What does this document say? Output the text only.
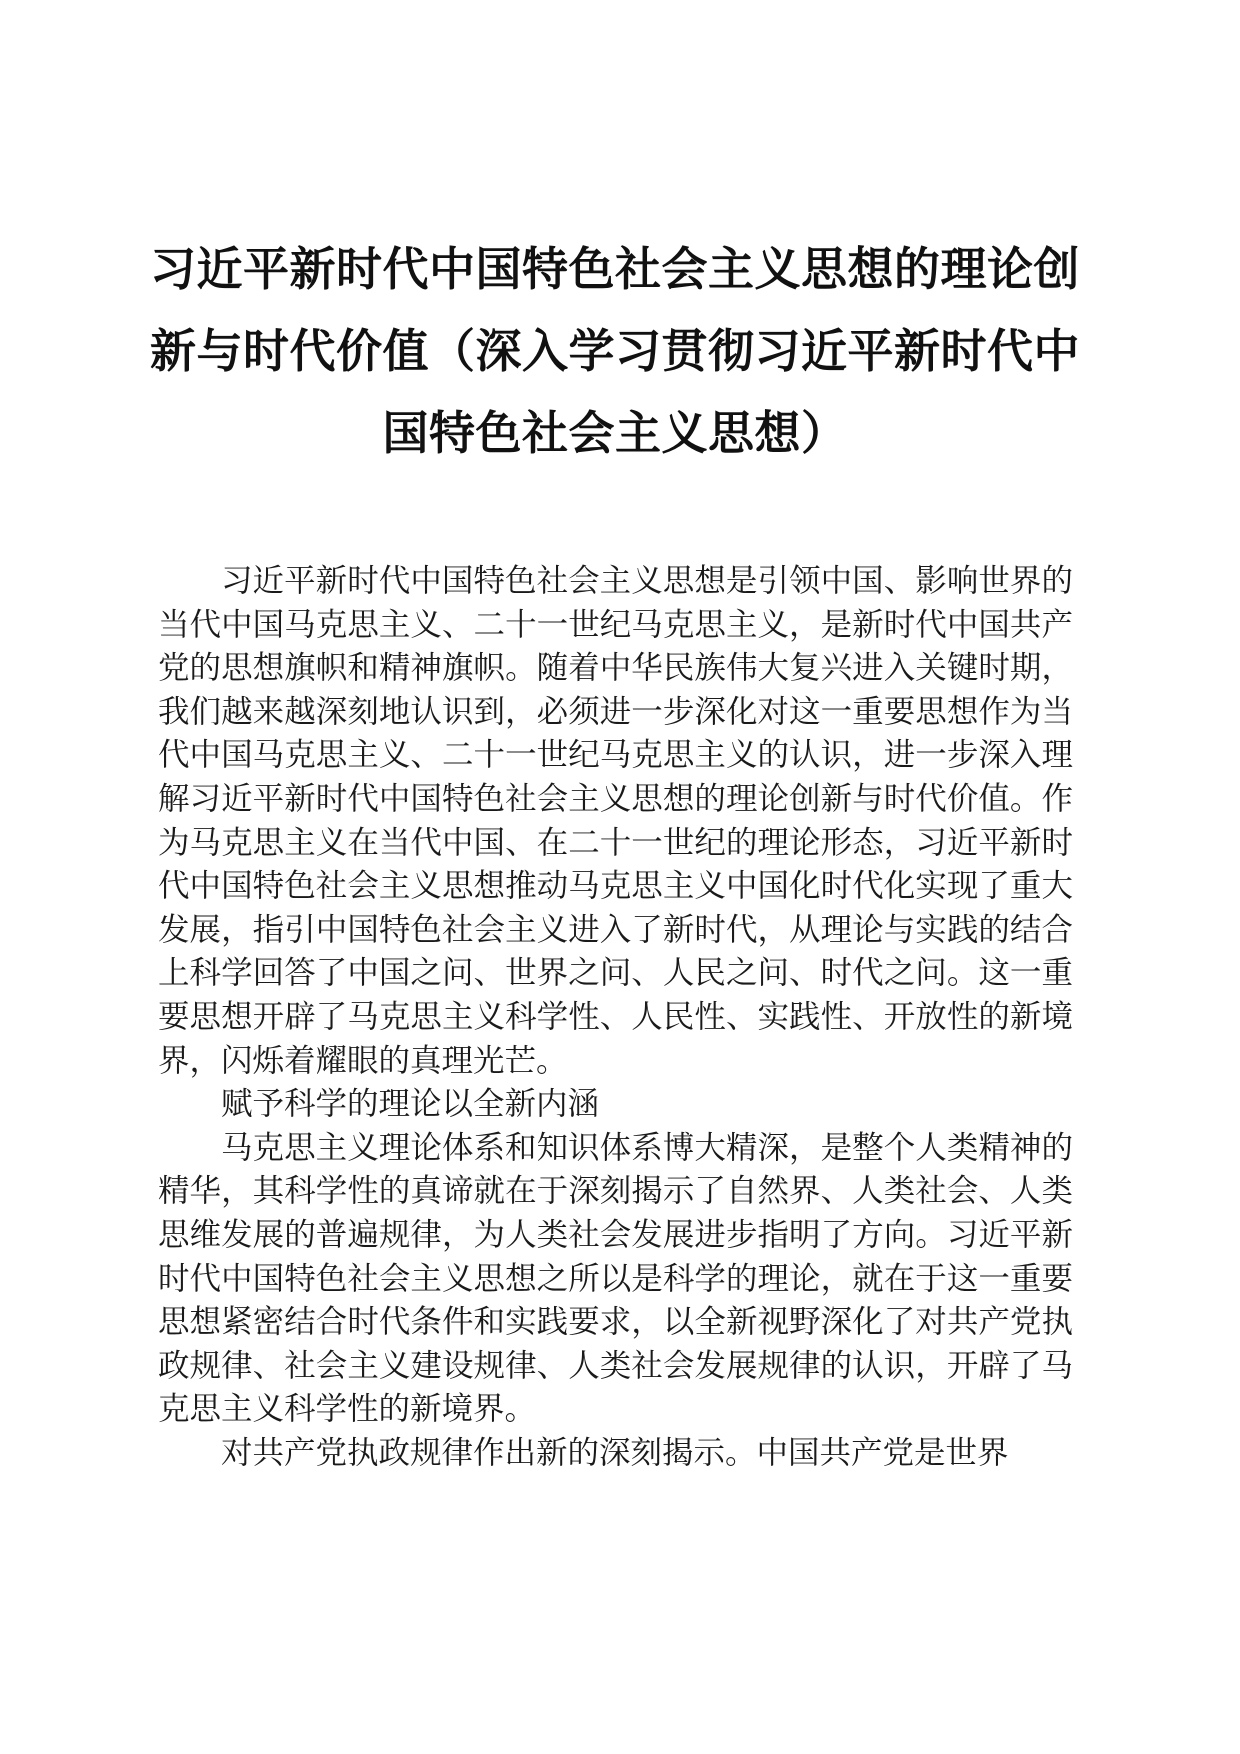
习近平新时代中国特色社会主义思想的理论创新与时代价值（深入学习贯彻习近平新时代中国特色社会主义思想）

习近平新时代中国特色社会主义思想是引领中国、影响世界的当代中国马克思主义、二十一世纪马克思主义，是新时代中国共产党的思想旗帜和精神旗帜。随着中华民族伟大复兴进入关键时期，我们越来越深刻地认识到，必须进一步深化对这一重要思想作为当代中国马克思主义、二十一世纪马克思主义的认识，进一步深入理解习近平新时代中国特色社会主义思想的理论创新与时代价值。作为马克思主义在当代中国、在二十一世纪的理论形态，习近平新时代中国特色社会主义思想推动马克思主义中国化时代化实现了重大发展，指引中国特色社会主义进入了新时代，从理论与实践的结合上科学回答了中国之问、世界之问、人民之问、时代之问。这一重要思想开辟了马克思主义科学性、人民性、实践性、开放性的新境界，闪烁着耀眼的真理光芒。

赋予科学的理论以全新内涵

马克思主义理论体系和知识体系博大精深，是整个人类精神的精华，其科学性的真谛就在于深刻揭示了自然界、人类社会、人类思维发展的普遍规律，为人类社会发展进步指明了方向。习近平新时代中国特色社会主义思想之所以是科学的理论，就在于这一重要思想紧密结合时代条件和实践要求，以全新视野深化了对共产党执政规律、社会主义建设规律、人类社会发展规律的认识，开辟了马克思主义科学性的新境界。

对共产党执政规律作出新的深刻揭示。中国共产党是世界
